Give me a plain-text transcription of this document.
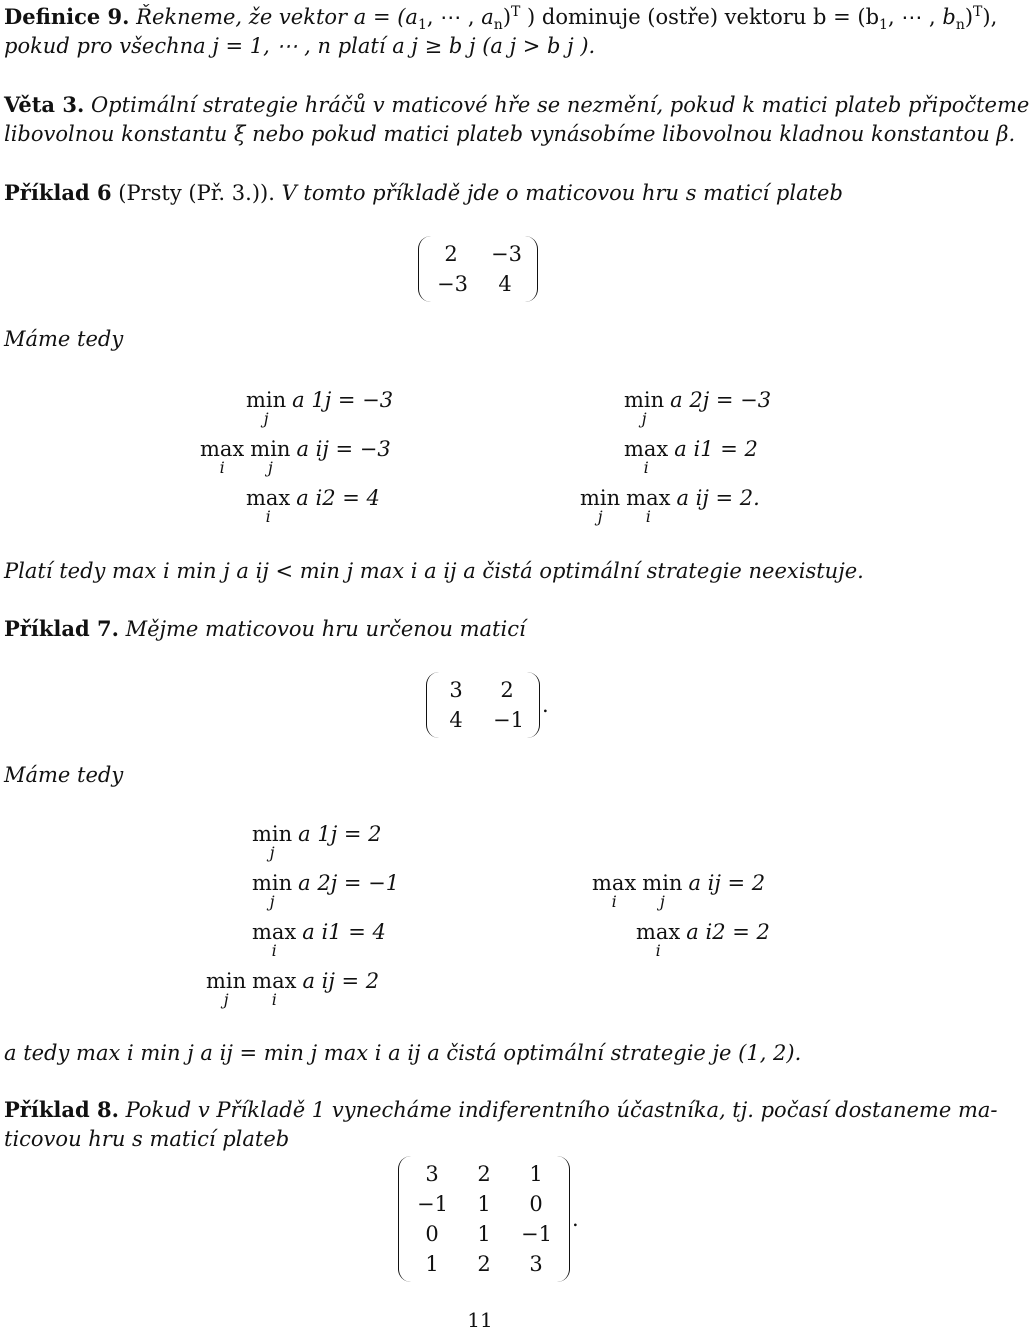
Definice 9. Řekneme, že vektor $a = (a_1$, ⋯ , $a_n)^T$ ) dominuje (ostře) vektoru $b = (b_1$, ⋯ , $b_n)^T$),
pokud pro všechna j = 1, ⋯ , n platí a j ≥ b j (a j > b j ).
Věta 3. Optimální strategie hráčů v maticové hře se nezmění, pokud k matici plateb připočteme
libovolnou konstantu ξ nebo pokud matici plateb vynásobíme libovolnou kladnou konstantou β.
Příklad 6 (Prsty (Př. 3.)). V tomto příkladě jde o maticovou hru s maticí plateb
2	−3
−3	4
Máme tedy
min
j
a 1j = −3
max
i
min
j
a ij = −3
max
i
a i2 = 4
min
j
a 2j = −3
max
i
a i1 = 2
min
j
max
i
a ij = 2.
Platí tedy max i min j a ij < min j max i a ij a čistá optimální strategie neexistuje.
Příklad 7. Mějme maticovou hru určenou maticí
3	2
4 −1
.
Máme tedy
min
j
a 1j = 2
min
j
a 2j = −1
max
i
a i1 = 4
min
j
max
i
a ij = 2
max
i
min
j
a ij = 2
max
i
a i2 = 2
a tedy max i min j a ij = min j max i a ij a čistá optimální strategie je (1, 2).
Příklad 8. Pokud v Příkladě 1 vynecháme indiferentního účastníka, tj. počasí dostaneme ma-
ticovou hru s maticí plateb
3	2	1
−1 1	0
0	1 −1
1	2	3
.
11
